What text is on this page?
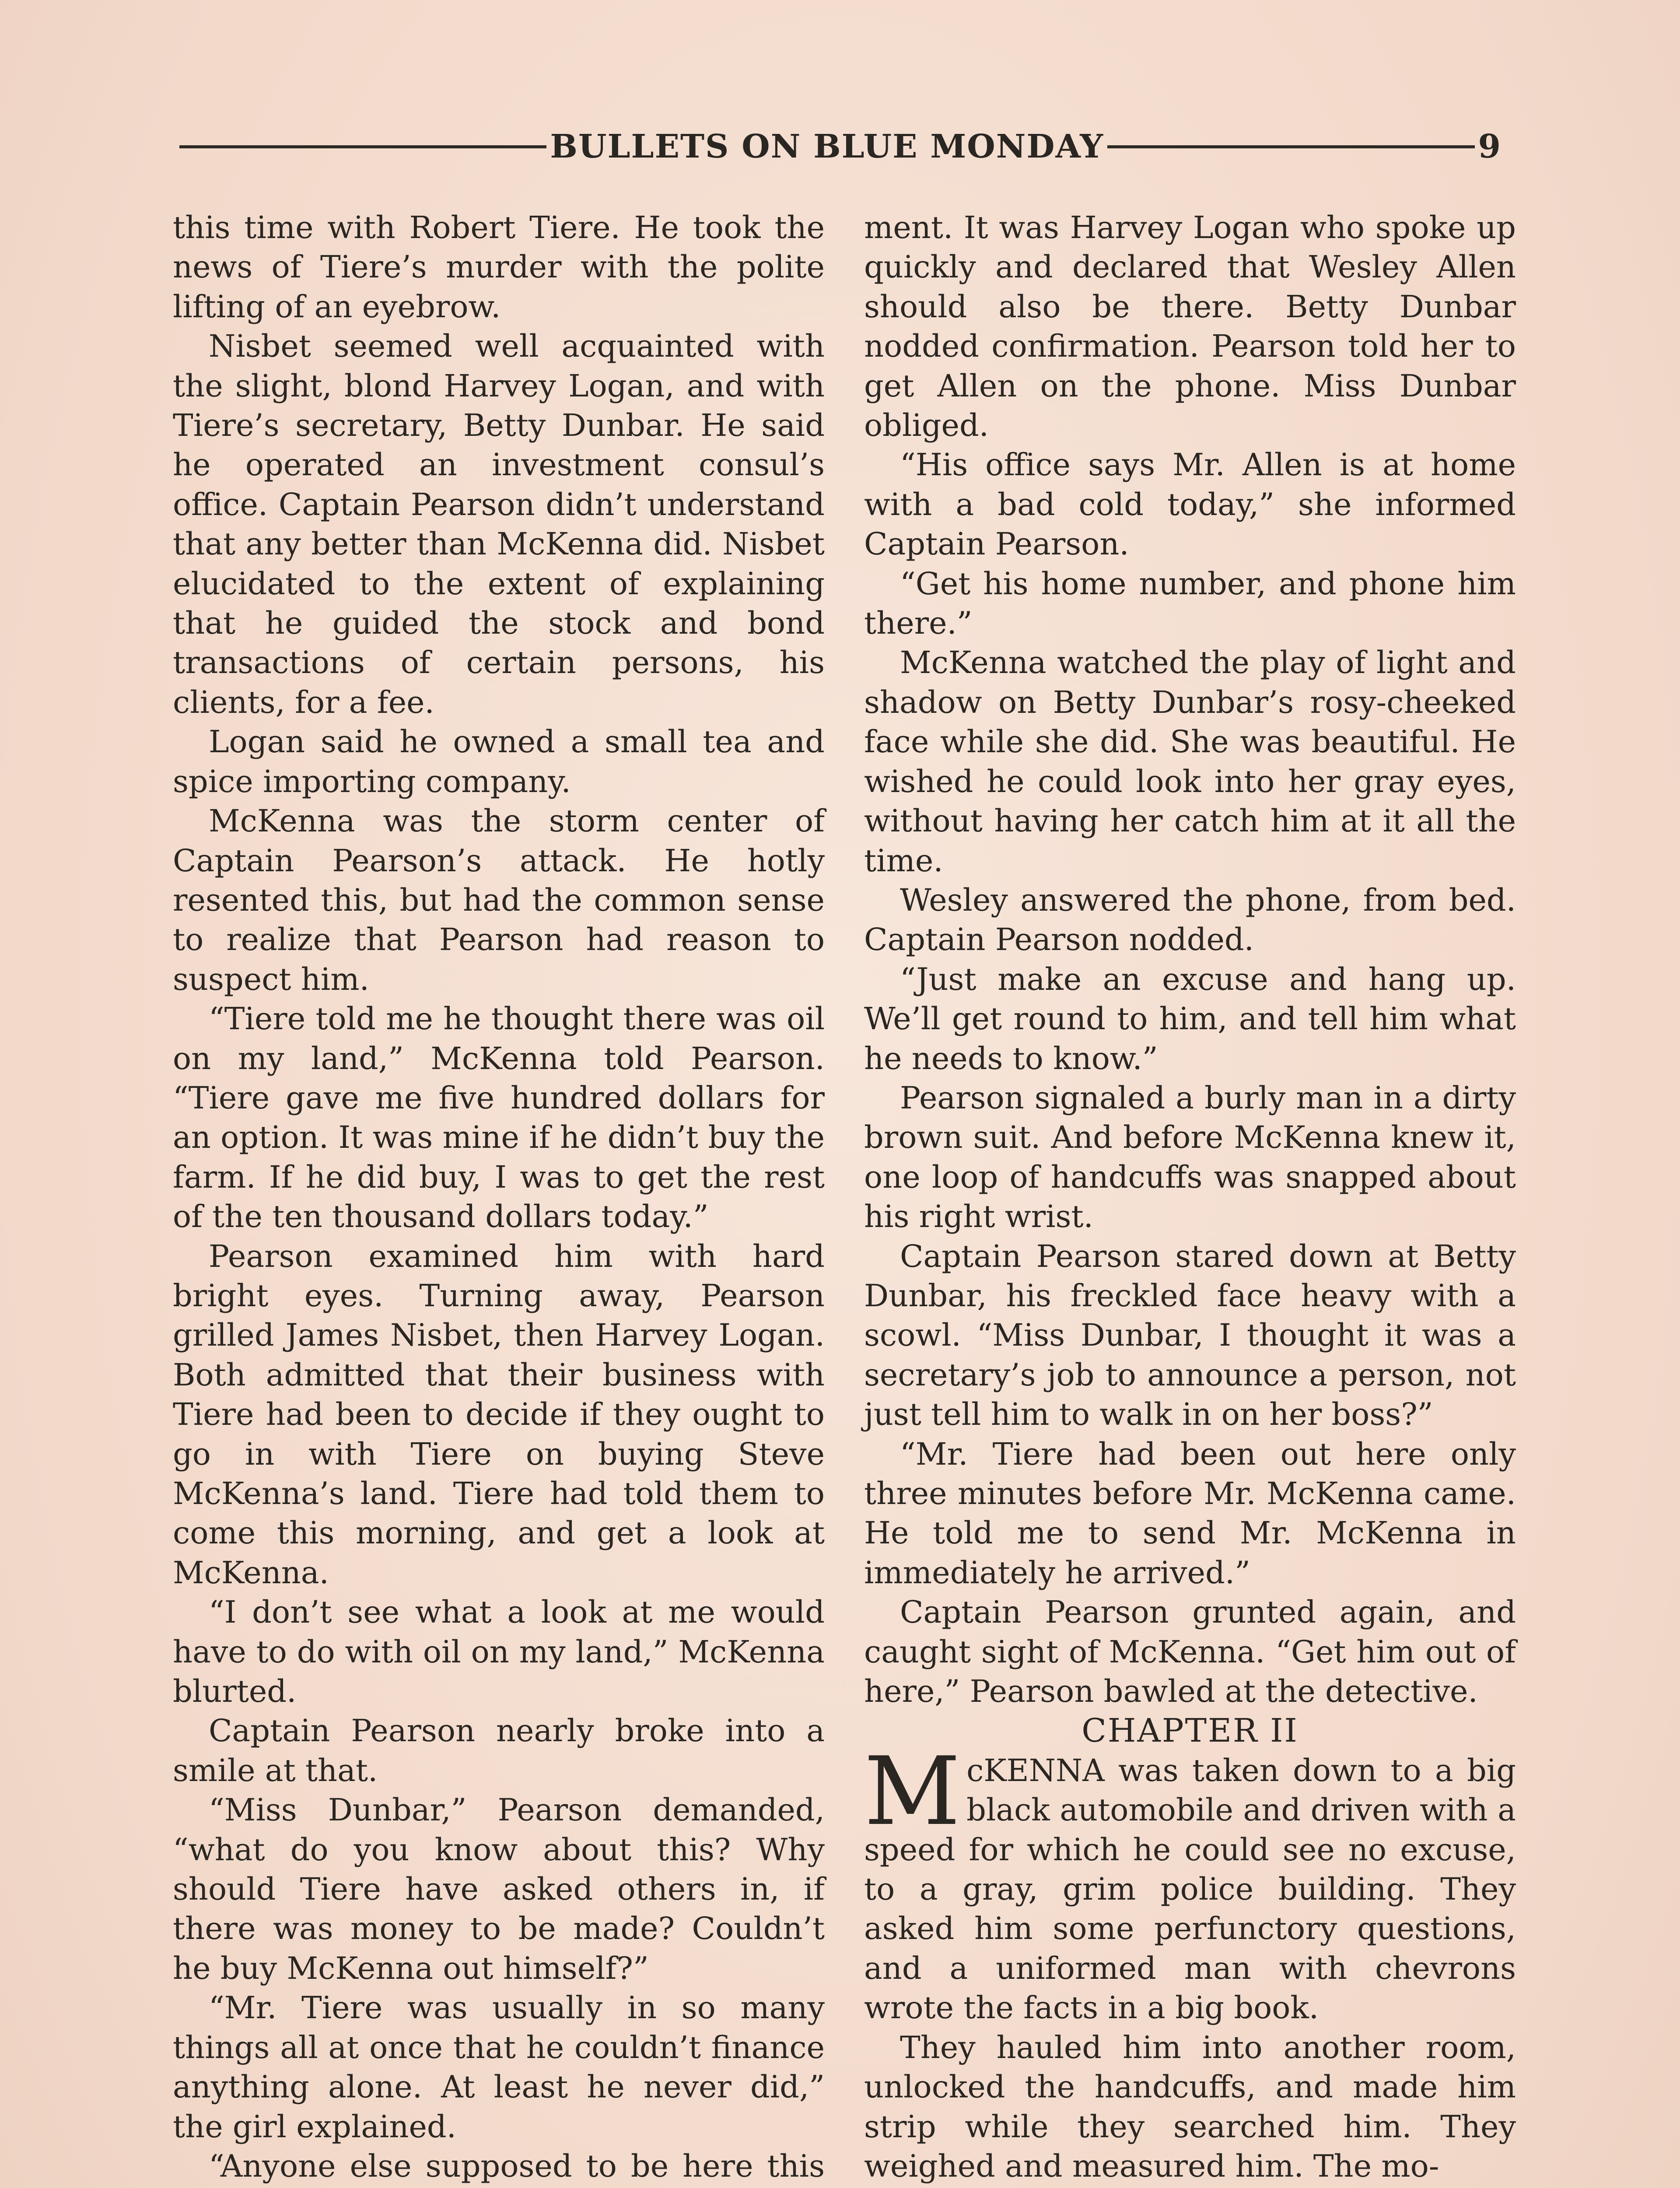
BULLETS ON BLUE MONDAY	9

this time with Robert Tiere. He took the news of Tiere’s murder with the polite lifting of an eyebrow.

Nisbet seemed well acquainted with the slight, blond Harvey Logan, and with Tiere’s secretary, Betty Dunbar. He said he operated an investment consul’s office. Captain Pearson didn’t understand that any better than McKenna did. Nisbet elucidated to the extent of explaining that he guided the stock and bond transactions of certain persons, his clients, for a fee.

Logan said he owned a small tea and spice importing company.

McKenna was the storm center of Captain Pearson’s attack. He hotly resented this, but had the common sense to realize that Pearson had reason to suspect him.

“Tiere told me he thought there was oil on my land,” McKenna told Pearson. “Tiere gave me five hundred dollars for an option. It was mine if he didn’t buy the farm. If he did buy, I was to get the rest of the ten thousand dollars today.”

Pearson examined him with hard bright eyes. Turning away, Pearson grilled James Nisbet, then Harvey Logan. Both admitted that their business with Tiere had been to decide if they ought to go in with Tiere on buying Steve McKenna’s land. Tiere had told them to come this morning, and get a look at McKenna.

“I don’t see what a look at me would have to do with oil on my land,” McKenna blurted.

Captain Pearson nearly broke into a smile at that.

“Miss Dunbar,” Pearson demanded, “what do you know about this? Why should Tiere have asked others in, if there was money to be made? Couldn’t he buy McKenna out himself?”

“Mr. Tiere was usually in so many things all at once that he couldn’t finance anything alone. At least he never did,” the girl explained.

“Anyone else supposed to be here this

ment. It was Harvey Logan who spoke up quickly and declared that Wesley Allen should also be there. Betty Dunbar nodded confirmation. Pearson told her to get Allen on the phone. Miss Dunbar obliged.

“His office says Mr. Allen is at home with a bad cold today,” she informed Captain Pearson.

“Get his home number, and phone him there.”

McKenna watched the play of light and shadow on Betty Dunbar’s rosy-cheeked face while she did. She was beautiful. He wished he could look into her gray eyes, without having her catch him at it all the time.

Wesley answered the phone, from bed. Captain Pearson nodded.

“Just make an excuse and hang up. We’ll get round to him, and tell him what he needs to know.”

Pearson signaled a burly man in a dirty brown suit. And before McKenna knew it, one loop of handcuffs was snapped about his right wrist.

Captain Pearson stared down at Betty Dunbar, his freckled face heavy with a scowl. “Miss Dunbar, I thought it was a secretary’s job to announce a person, not just tell him to walk in on her boss?”

“Mr. Tiere had been out here only three minutes before Mr. McKenna came. He told me to send Mr. McKenna in immediately he arrived.”

Captain Pearson grunted again, and caught sight of McKenna. “Get him out of here,” Pearson bawled at the detective.

CHAPTER II

McKENNA was taken down to a big black automobile and driven with a speed for which he could see no excuse, to a gray, grim police building. They asked him some perfunctory questions, and a uniformed man with chevrons wrote the facts in a big book.

They hauled him into another room, unlocked the handcuffs, and made him strip while they searched him. They weighed and measured him. The mo-
